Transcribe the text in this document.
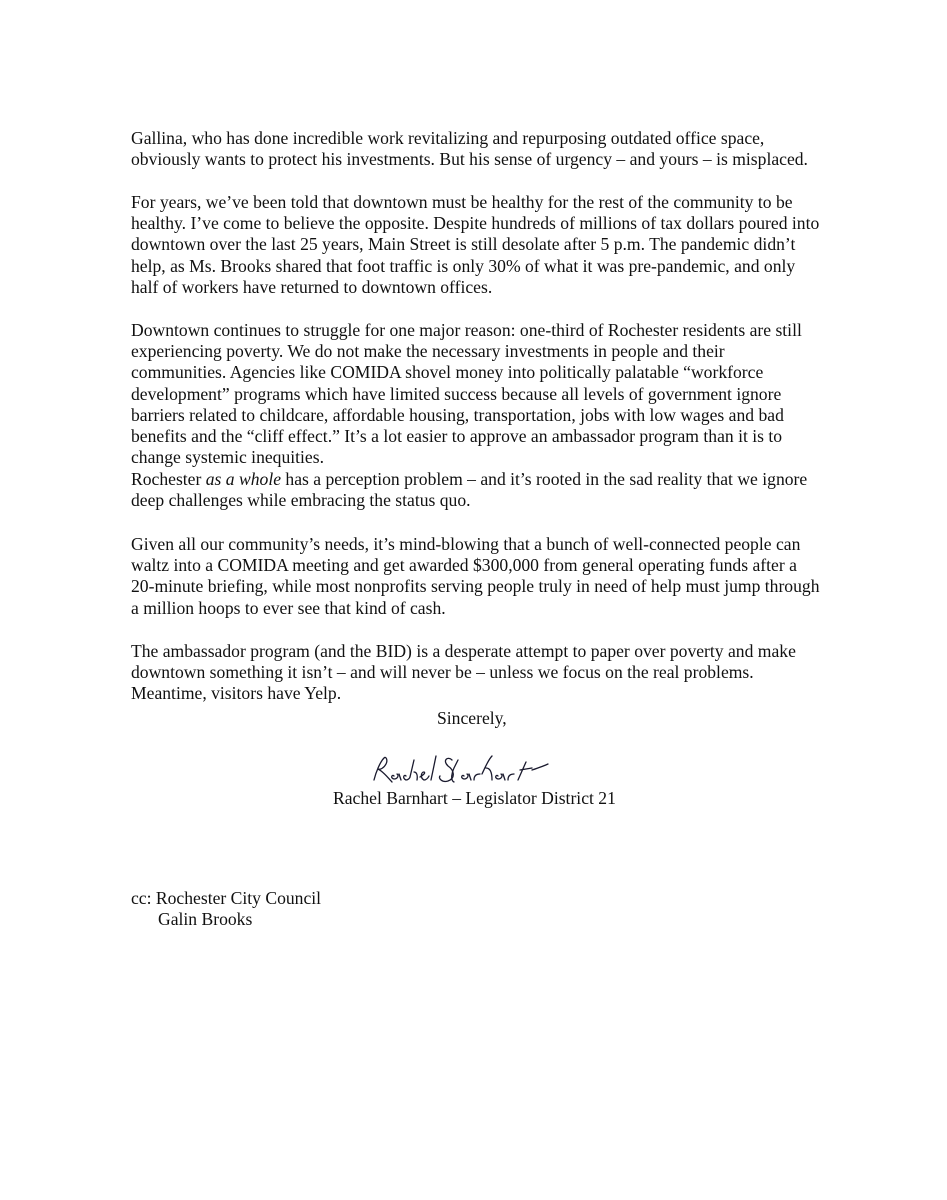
Gallina, who has done incredible work revitalizing and repurposing outdated office space,
obviously wants to protect his investments. But his sense of urgency – and yours – is misplaced.

For years, we’ve been told that downtown must be healthy for the rest of the community to be
healthy. I’ve come to believe the opposite. Despite hundreds of millions of tax dollars poured into
downtown over the last 25 years, Main Street is still desolate after 5 p.m. The pandemic didn’t
help, as Ms. Brooks shared that foot traffic is only 30% of what it was pre-pandemic, and only
half of workers have returned to downtown offices.

Downtown continues to struggle for one major reason: one-third of Rochester residents are still
experiencing poverty. We do not make the necessary investments in people and their
communities. Agencies like COMIDA shovel money into politically palatable “workforce
development” programs which have limited success because all levels of government ignore
barriers related to childcare, affordable housing, transportation, jobs with low wages and bad
benefits and the “cliff effect.” It’s a lot easier to approve an ambassador program than it is to
change systemic inequities.

Rochester as a whole has a perception problem – and it’s rooted in the sad reality that we ignore
deep challenges while embracing the status quo.

Given all our community’s needs, it’s mind-blowing that a bunch of well-connected people can
waltz into a COMIDA meeting and get awarded $300,000 from general operating funds after a
20-minute briefing, while most nonprofits serving people truly in need of help must jump through
a million hoops to ever see that kind of cash.

The ambassador program (and the BID) is a desperate attempt to paper over poverty and make
downtown something it isn’t – and will never be – unless we focus on the real problems.
Meantime, visitors have Yelp.

Sincerely,
Rachel Barnhart – Legislator District 21
cc: Rochester City Council
Galin Brooks
